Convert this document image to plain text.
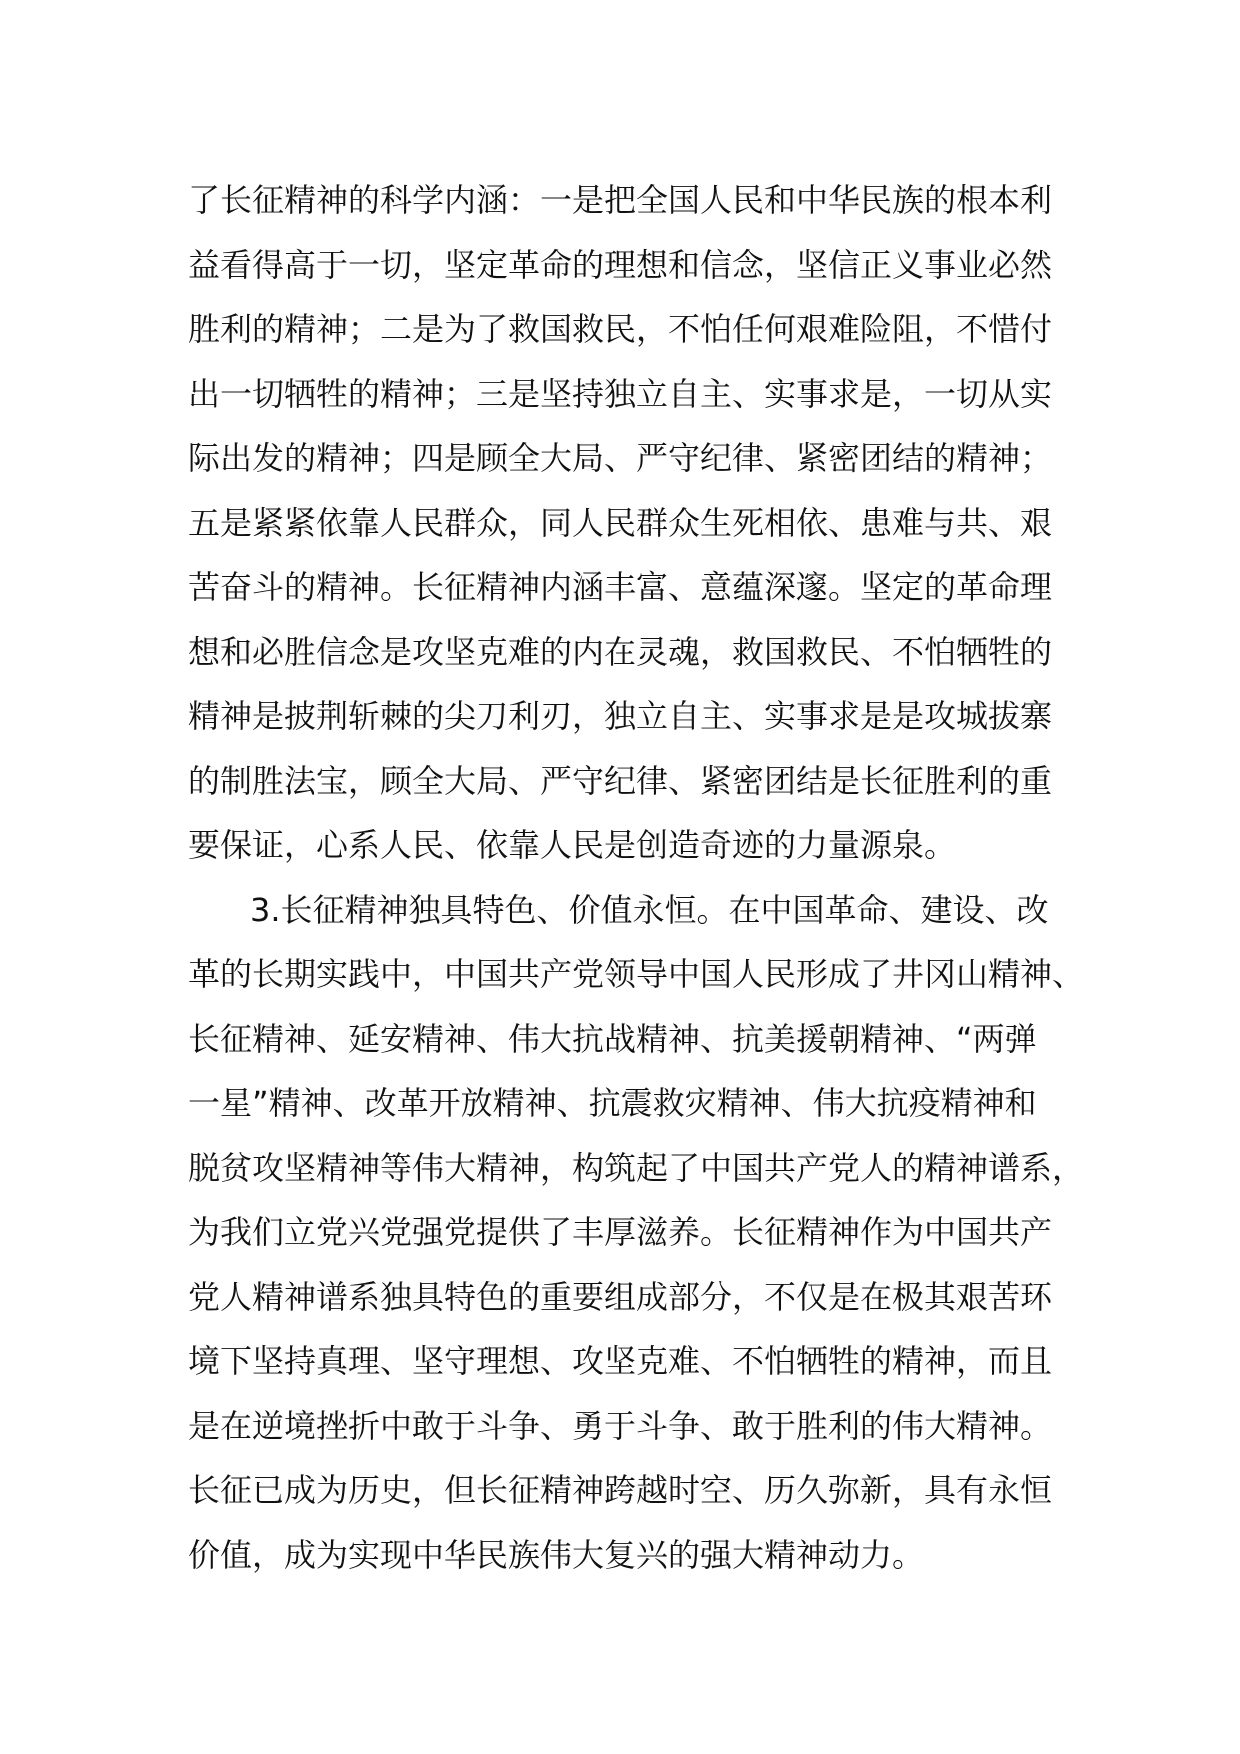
了长征精神的科学内涵：一是把全国人民和中华民族的根本利

益看得高于一切，坚定革命的理想和信念，坚信正义事业必然

胜利的精神；二是为了救国救民，不怕任何艰难险阻，不惜付

出一切牺牲的精神；三是坚持独立自主、实事求是，一切从实

际出发的精神；四是顾全大局、严守纪律、紧密团结的精神；

五是紧紧依靠人民群众，同人民群众生死相依、患难与共、艰

苦奋斗的精神。长征精神内涵丰富、意蕴深邃。坚定的革命理

想和必胜信念是攻坚克难的内在灵魂，救国救民、不怕牺牲的

精神是披荆斩棘的尖刀利刃，独立自主、实事求是是攻城拔寨

的制胜法宝，顾全大局、严守纪律、紧密团结是长征胜利的重

要保证，心系人民、依靠人民是创造奇迹的力量源泉。

3.长征精神独具特色、价值永恒。在中国革命、建设、改

革的长期实践中，中国共产党领导中国人民形成了井冈山精神、

长征精神、延安精神、伟大抗战精神、抗美援朝精神、“两弹

一星”精神、改革开放精神、抗震救灾精神、伟大抗疫精神和

脱贫攻坚精神等伟大精神，构筑起了中国共产党人的精神谱系，

为我们立党兴党强党提供了丰厚滋养。长征精神作为中国共产

党人精神谱系独具特色的重要组成部分，不仅是在极其艰苦环

境下坚持真理、坚守理想、攻坚克难、不怕牺牲的精神，而且

是在逆境挫折中敢于斗争、勇于斗争、敢于胜利的伟大精神。

长征已成为历史，但长征精神跨越时空、历久弥新，具有永恒

价值，成为实现中华民族伟大复兴的强大精神动力。
